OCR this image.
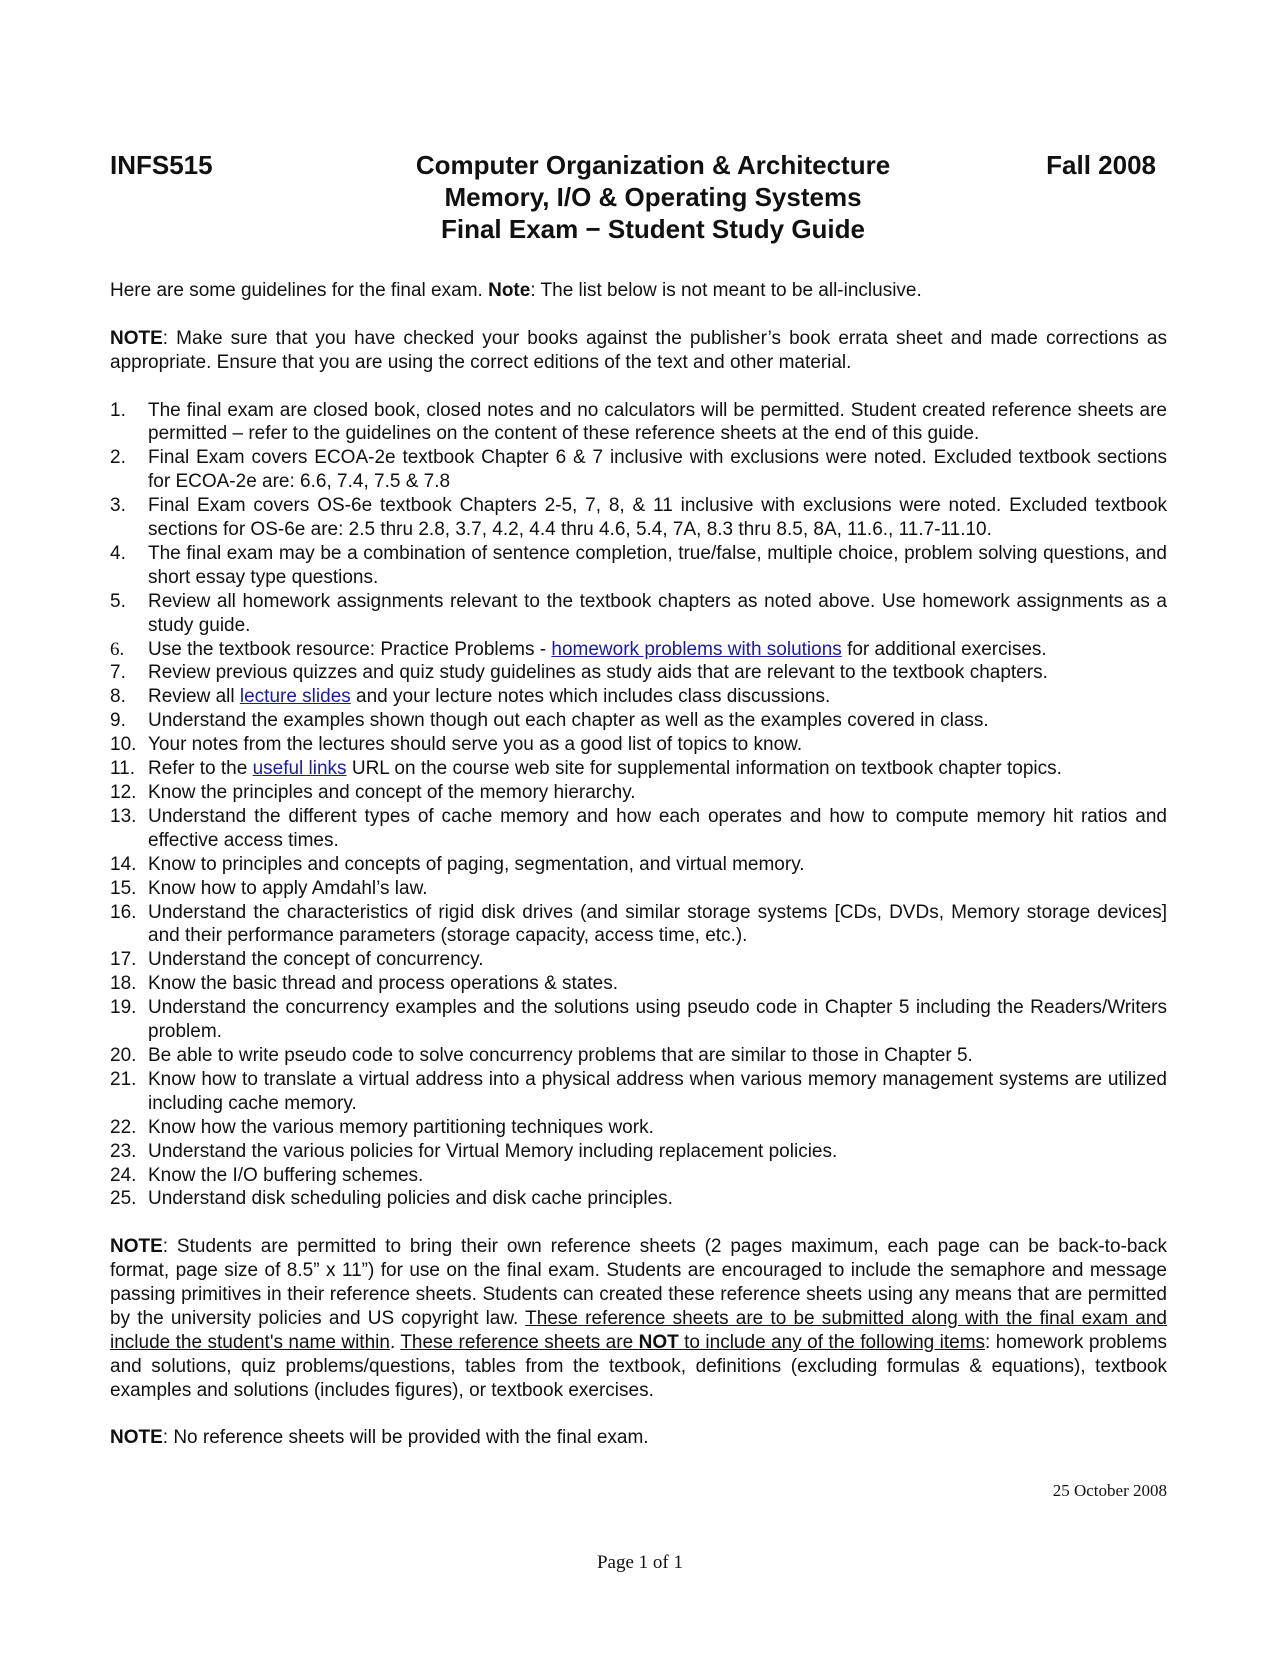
INFS515	Computer Organization & Architecture	Fall 2008
Memory, I/O & Operating Systems
Final Exam − Student Study Guide

Here are some guidelines for the final exam. Note: The list below is not meant to be all-inclusive.

NOTE: Make sure that you have checked your books against the publisher’s book errata sheet and made corrections as appropriate. Ensure that you are using the correct editions of the text and other material.

1. The final exam are closed book, closed notes and no calculators will be permitted. Student created reference sheets are permitted – refer to the guidelines on the content of these reference sheets at the end of this guide.
2. Final Exam covers ECOA-2e textbook Chapter 6 & 7 inclusive with exclusions were noted. Excluded textbook sections for ECOA-2e are: 6.6, 7.4, 7.5 & 7.8
3. Final Exam covers OS-6e textbook Chapters 2-5, 7, 8, & 11 inclusive with exclusions were noted. Excluded textbook sections for OS-6e are: 2.5 thru 2.8, 3.7, 4.2, 4.4 thru 4.6, 5.4, 7A, 8.3 thru 8.5, 8A, 11.6., 11.7-11.10.
4. The final exam may be a combination of sentence completion, true/false, multiple choice, problem solving questions, and short essay type questions.
5. Review all homework assignments relevant to the textbook chapters as noted above. Use homework assignments as a study guide.
6. Use the textbook resource: Practice Problems - homework problems with solutions for additional exercises.
7. Review previous quizzes and quiz study guidelines as study aids that are relevant to the textbook chapters.
8. Review all lecture slides and your lecture notes which includes class discussions.
9. Understand the examples shown though out each chapter as well as the examples covered in class.
10. Your notes from the lectures should serve you as a good list of topics to know.
11. Refer to the useful links URL on the course web site for supplemental information on textbook chapter topics.
12. Know the principles and concept of the memory hierarchy.
13. Understand the different types of cache memory and how each operates and how to compute memory hit ratios and effective access times.
14. Know to principles and concepts of paging, segmentation, and virtual memory.
15. Know how to apply Amdahl’s law.
16. Understand the characteristics of rigid disk drives (and similar storage systems [CDs, DVDs, Memory storage devices] and their performance parameters (storage capacity, access time, etc.).
17. Understand the concept of concurrency.
18. Know the basic thread and process operations & states.
19. Understand the concurrency examples and the solutions using pseudo code in Chapter 5 including the Readers/Writers problem.
20. Be able to write pseudo code to solve concurrency problems that are similar to those in Chapter 5.
21. Know how to translate a virtual address into a physical address when various memory management systems are utilized including cache memory.
22. Know how the various memory partitioning techniques work.
23. Understand the various policies for Virtual Memory including replacement policies.
24. Know the I/O buffering schemes.
25. Understand disk scheduling policies and disk cache principles.

NOTE: Students are permitted to bring their own reference sheets (2 pages maximum, each page can be back-to-back format, page size of 8.5” x 11”) for use on the final exam. Students are encouraged to include the semaphore and message passing primitives in their reference sheets. Students can created these reference sheets using any means that are permitted by the university policies and US copyright law. These reference sheets are to be submitted along with the final exam and include the student's name within. These reference sheets are NOT to include any of the following items: homework problems and solutions, quiz problems/questions, tables from the textbook, definitions (excluding formulas & equations), textbook examples and solutions (includes figures), or textbook exercises.

NOTE: No reference sheets will be provided with the final exam.

25 October 2008
Page 1 of 1
